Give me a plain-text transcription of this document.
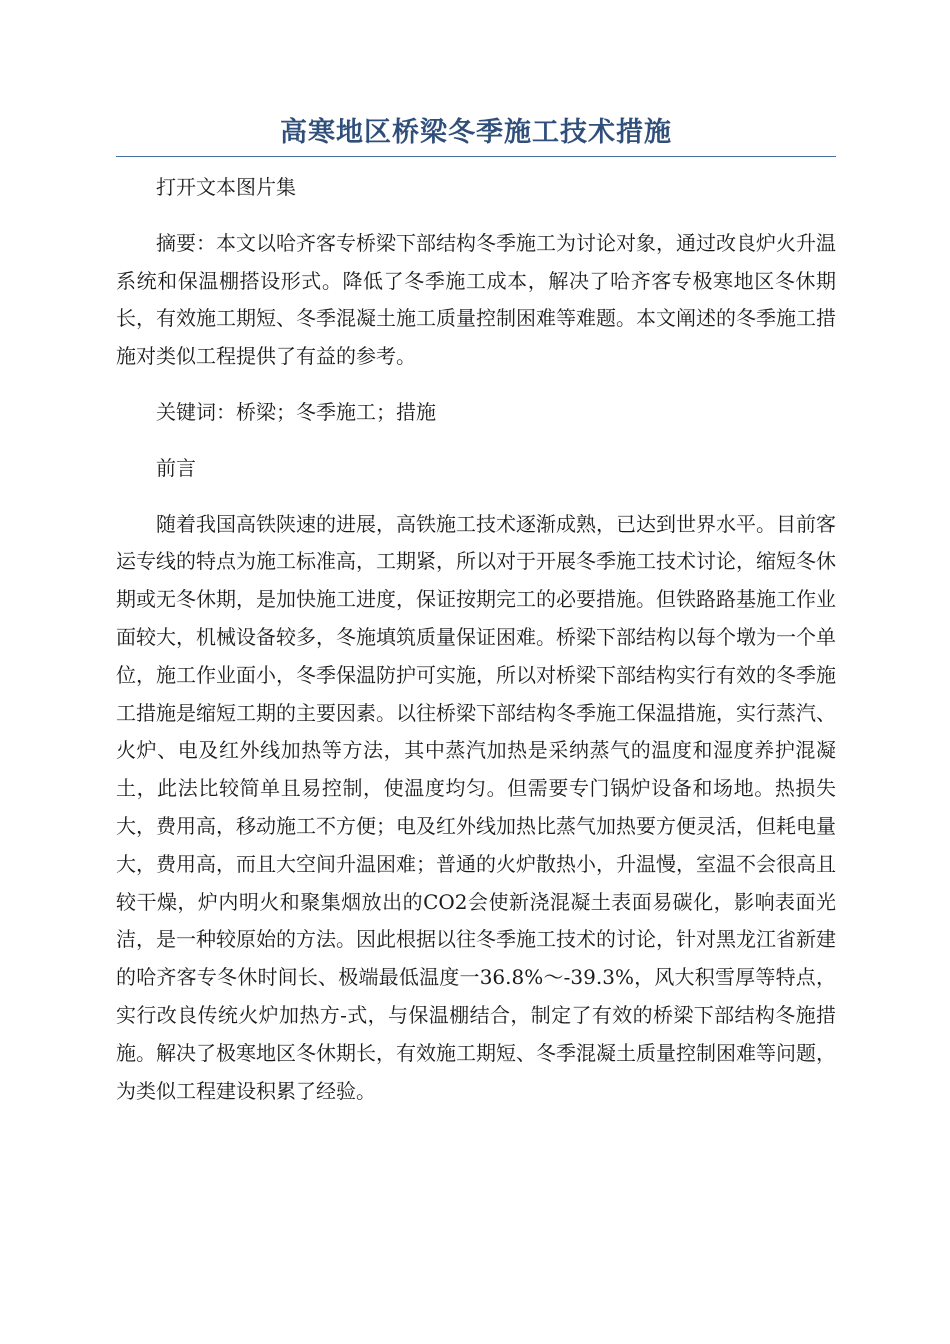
高寒地区桥梁冬季施工技术措施

打开文本图片集

摘要：本文以哈齐客专桥梁下部结构冬季施工为讨论对象，通过改良炉火升温系统和保温棚搭设形式。降低了冬季施工成本，解决了哈齐客专极寒地区冬休期长，有效施工期短、冬季混凝土施工质量控制困难等难题。本文阐述的冬季施工措施对类似工程提供了有益的参考。

关键词：桥梁；冬季施工；措施

前言

随着我国高铁陕速的进展，高铁施工技术逐渐成熟，已达到世界水平。目前客运专线的特点为施工标准高，工期紧，所以对于开展冬季施工技术讨论，缩短冬休期或无冬休期，是加快施工进度，保证按期完工的必要措施。但铁路路基施工作业面较大，机械设备较多，冬施填筑质量保证困难。桥梁下部结构以每个墩为一个单位，施工作业面小，冬季保温防护可实施，所以对桥梁下部结构实行有效的冬季施工措施是缩短工期的主要因素。以往桥梁下部结构冬季施工保温措施，实行蒸汽、火炉、电及红外线加热等方法，其中蒸汽加热是采纳蒸气的温度和湿度养护混凝土，此法比较简单且易控制，使温度均匀。但需要专门锅炉设备和场地。热损失大，费用高，移动施工不方便；电及红外线加热比蒸气加热要方便灵活，但耗电量大，费用高，而且大空间升温困难；普通的火炉散热小，升温慢，室温不会很高且较干燥，炉内明火和聚集烟放出的CO2会使新浇混凝土表面易碳化，影响表面光洁，是一种较原始的方法。因此根据以往冬季施工技术的讨论，针对黑龙江省新建的哈齐客专冬休时间长、极端最低温度一36.8%～-39.3%，风大积雪厚等特点，实行改良传统火炉加热方-式，与保温棚结合，制定了有效的桥梁下部结构冬施措施。解决了极寒地区冬休期长，有效施工期短、冬季混凝土质量控制困难等问题，为类似工程建设积累了经验。
